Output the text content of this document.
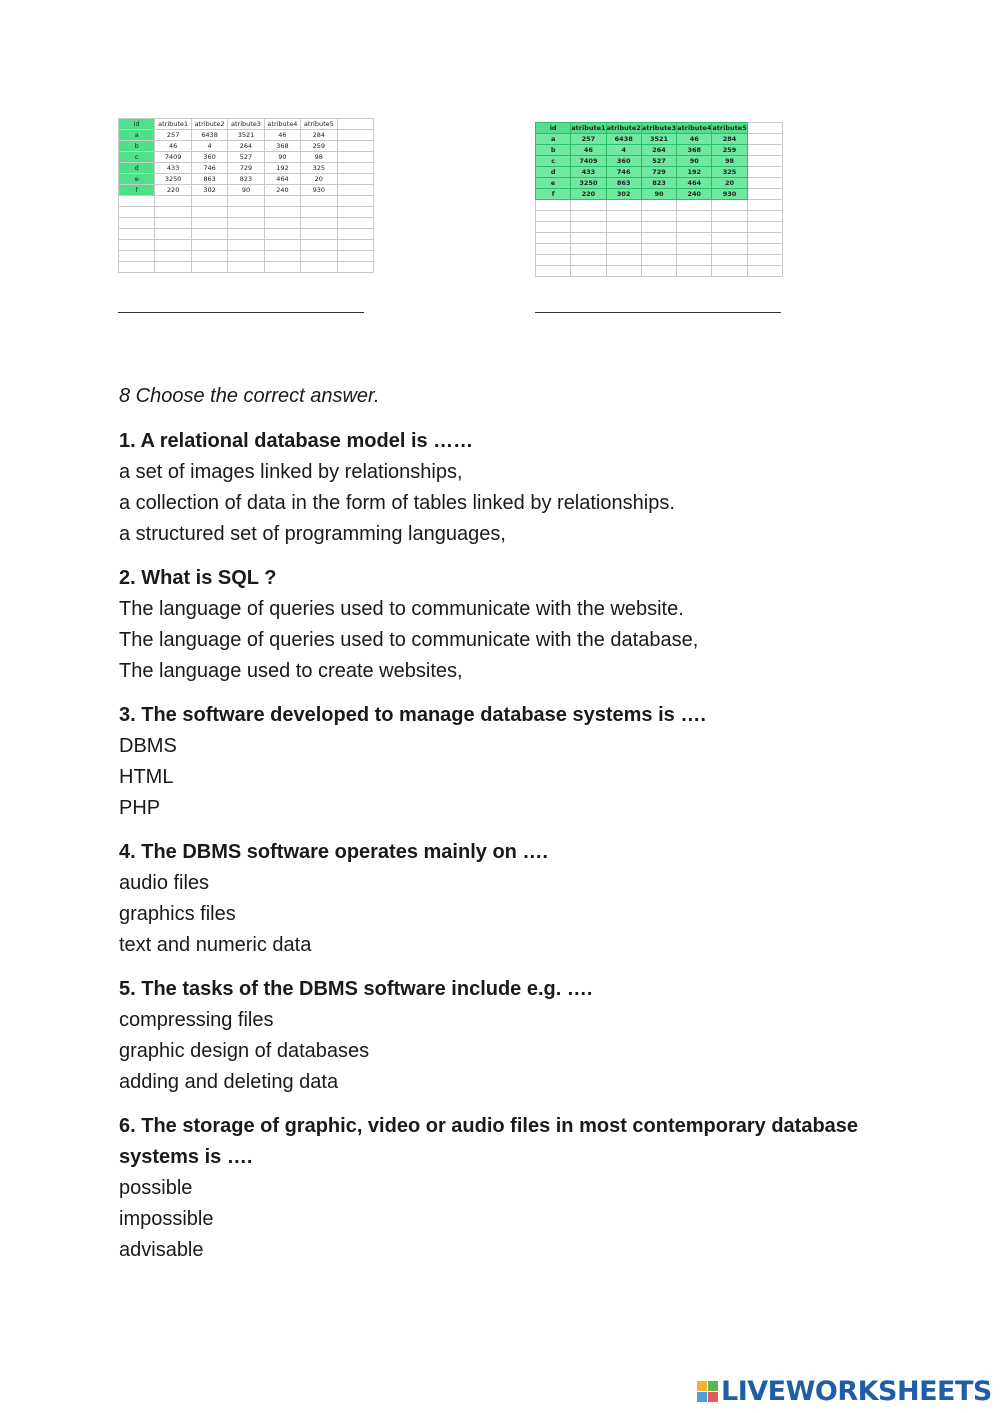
id	atribute1	atribute2	atribute3	atribute4	atribute5	
a	257	6438	3521	46	284	
b	46	4	264	368	259	
c	7409	360	527	90	98	
d	433	746	729	192	325	
e	3250	863	823	464	20	
f	220	302	90	240	930	

id	atribute1	atribute2	atribute3	atribute4	atribute5	
a	257	6438	3521	46	284	
b	46	4	264	368	259	
c	7409	360	527	90	98	
d	433	746	729	192	325	
e	3250	863	823	464	20	
f	220	302	90	240	930	

8 Choose the correct answer.
1. A relational database model is ……
a set of images linked by relationships,
a collection of data in the form of tables linked by relationships.
a structured set of programming languages,
2. What is SQL ?
The language of queries used to communicate with the website.
The language of queries used to communicate with the database,
The language used to create websites,
3. The software developed to manage database systems is ….
DBMS
HTML
PHP
4. The DBMS software operates mainly on ….
audio files
graphics files
text and numeric data
5. The tasks of the DBMS software include e.g. ….
compressing files
graphic design of databases
adding and deleting data
6. The storage of graphic, video or audio files in most contemporary database systems is ….
possible
impossible
advisable
LIVEWORKSHEETS
